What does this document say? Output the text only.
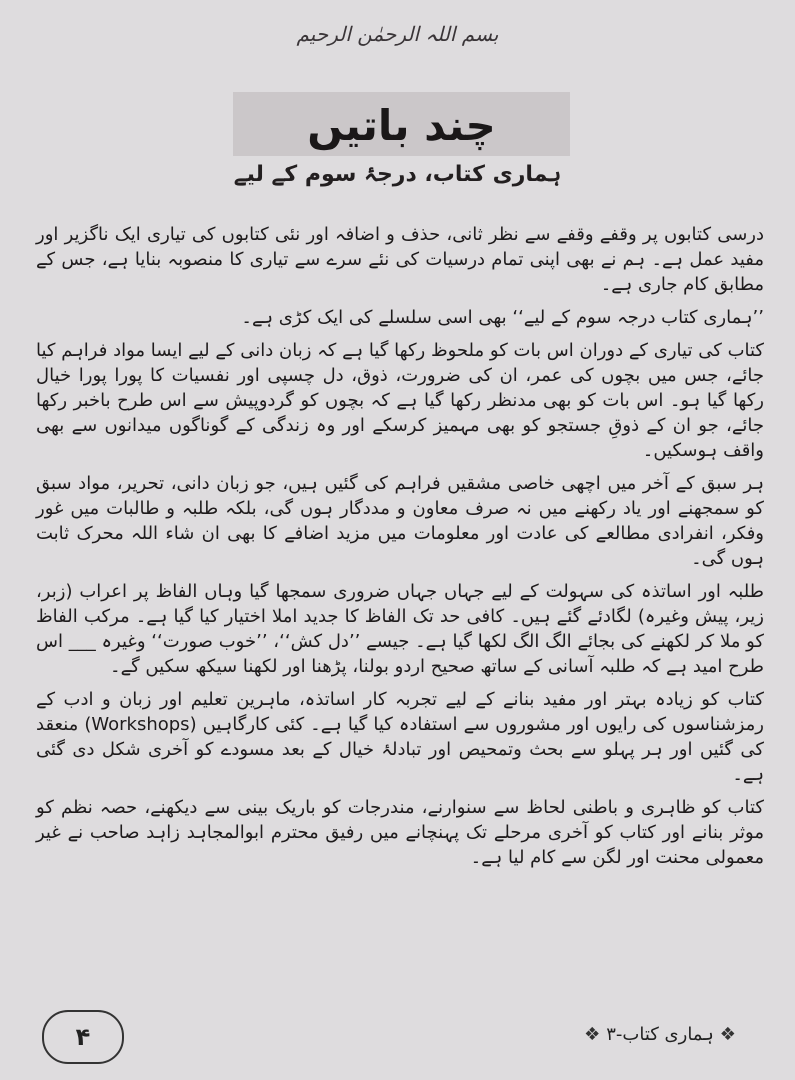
بسم اللہ الرحمٰن الرحیم
چند باتیں
ہماری کتاب، درجۂ سوم کے لیے

درسی کتابوں پر وقفے وقفے سے نظر ثانی، حذف و اضافہ اور نئی کتابوں کی تیاری ایک ناگزیر اور مفید عمل ہے۔ ہم نے بھی اپنی تمام درسیات کی نئے سرے سے تیاری کا منصوبہ بنایا ہے، جس کے مطابق کام جاری ہے۔

’’ہماری کتاب درجہ سوم کے لیے‘‘ بھی اسی سلسلے کی ایک کڑی ہے۔

کتاب کی تیاری کے دوران اس بات کو ملحوظ رکھا گیا ہے کہ زبان دانی کے لیے ایسا مواد فراہم کیا جائے، جس میں بچوں کی عمر، ان کی ضرورت، ذوق، دل چسپی اور نفسیات کا پورا پورا خیال رکھا گیا ہو۔ اس بات کو بھی مدنظر رکھا گیا ہے کہ بچوں کو گردوپیش سے اس طرح باخبر رکھا جائے، جو ان کے ذوقِ جستجو کو بھی مہمیز کرسکے اور وہ زندگی کے گوناگوں میدانوں سے بھی واقف ہوسکیں۔

ہر سبق کے آخر میں اچھی خاصی مشقیں فراہم کی گئیں ہیں، جو زبان دانی، تحریر، مواد سبق کو سمجھنے اور یاد رکھنے میں نہ صرف معاون و مددگار ہوں گی، بلکہ طلبہ و طالبات میں غور وفکر، انفرادی مطالعے کی عادت اور معلومات میں مزید اضافے کا بھی ان شاء اللہ محرک ثابت ہوں گی۔

طلبہ اور اساتذہ کی سہولت کے لیے جہاں جہاں ضروری سمجھا گیا وہاں الفاظ پر اعراب (زبر، زیر، پیش وغیرہ) لگادئے گئے ہیں۔ کافی حد تک الفاظ کا جدید املا اختیار کیا گیا ہے۔ مرکب الفاظ کو ملا کر لکھنے کی بجائے الگ الگ لکھا گیا ہے۔ جیسے ’’دل کش‘‘، ’’خوب صورت‘‘ وغیرہ ___ اس طرح امید ہے کہ طلبہ آسانی کے ساتھ صحیح اردو بولنا، پڑھنا اور لکھنا سیکھ سکیں گے۔

کتاب کو زیادہ بہتر اور مفید بنانے کے لیے تجربہ کار اساتذہ، ماہرین تعلیم اور زبان و ادب کے رمزشناسوں کی رایوں اور مشوروں سے استفادہ کیا گیا ہے۔ کئی کارگاہیں (Workshops) منعقد کی گئیں اور ہر پہلو سے بحث وتمحیص اور تبادلۂ خیال کے بعد مسودے کو آخری شکل دی گئی ہے۔

کتاب کو ظاہری و باطنی لحاظ سے سنوارنے، مندرجات کو باریک بینی سے دیکھنے، حصہ نظم کو موثر بنانے اور کتاب کو آخری مرحلے تک پہنچانے میں رفیق محترم ابوالمجاہد زاہد صاحب نے غیر معمولی محنت اور لگن سے کام لیا ہے۔

۴	❖ہماری کتاب-۳❖
